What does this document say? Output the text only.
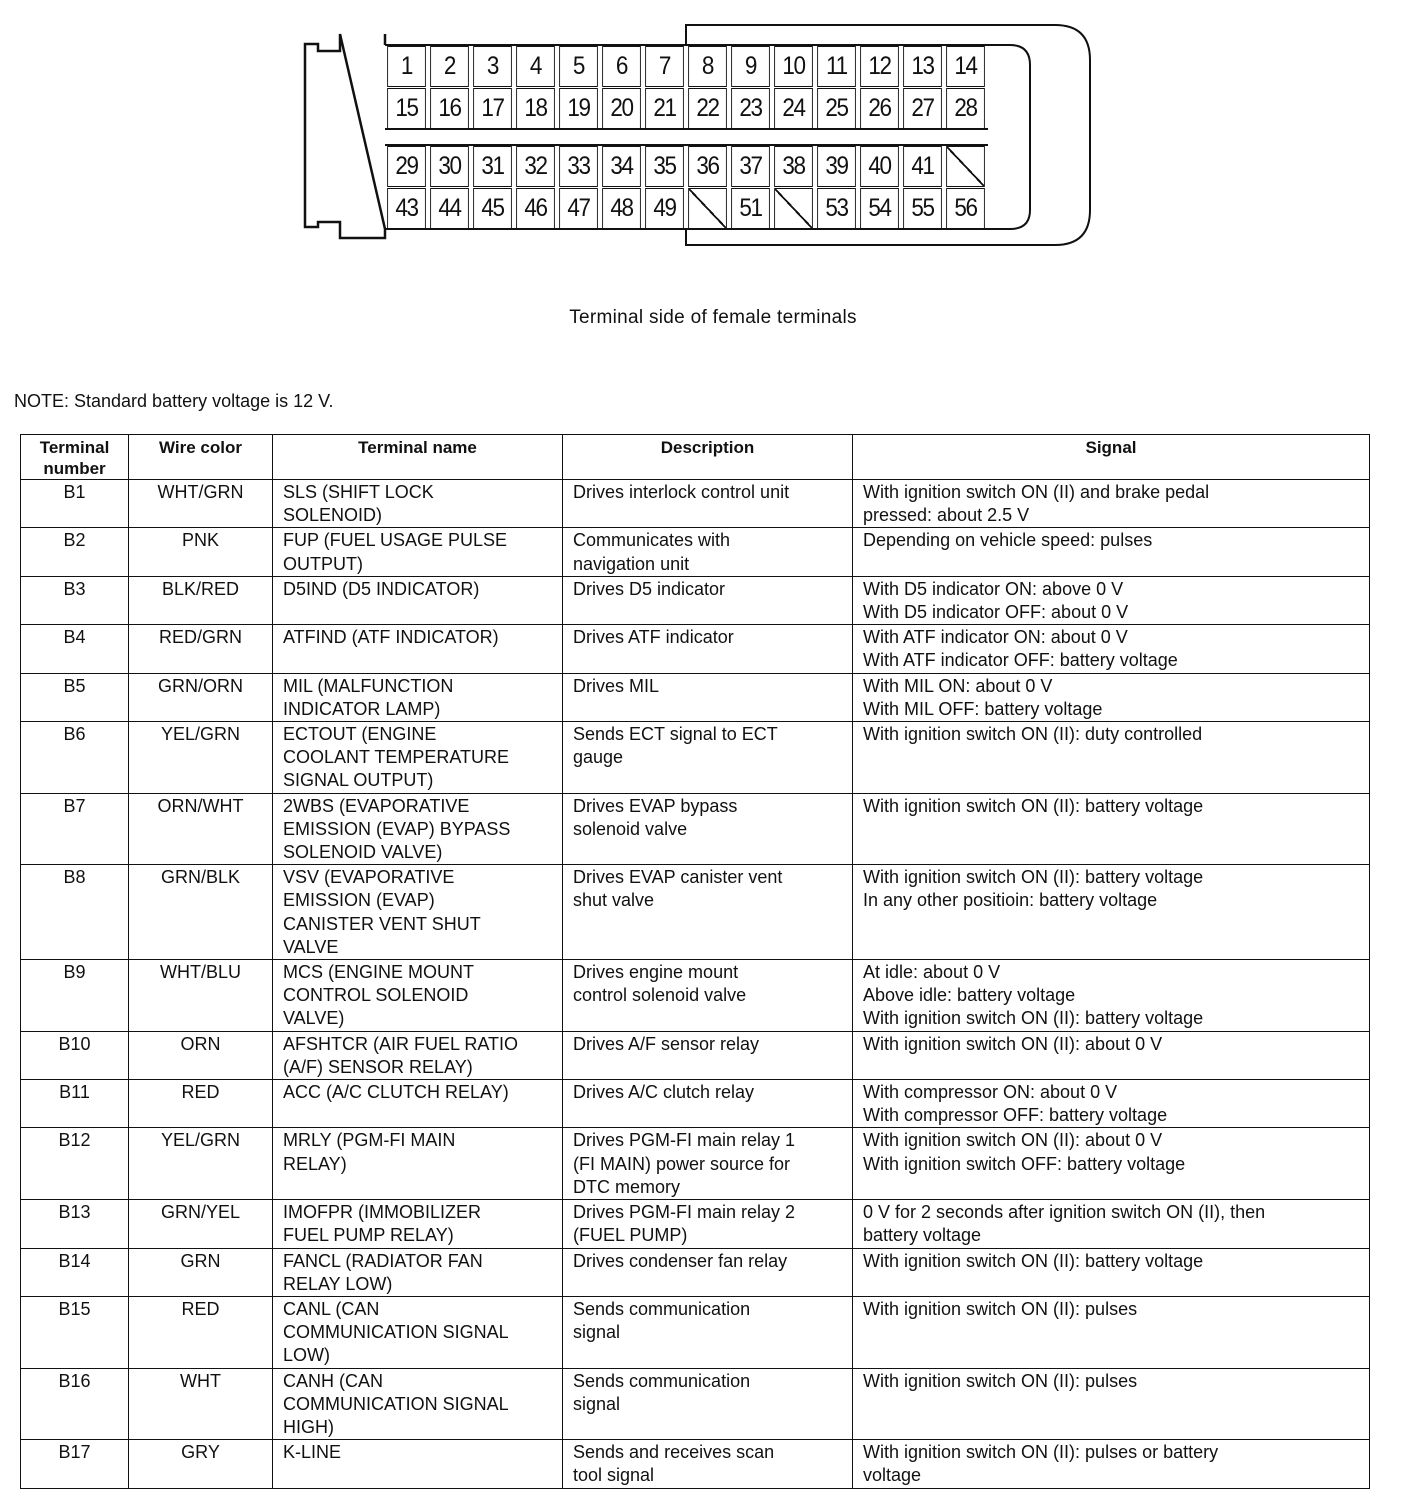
1	2	3	4	5	6	7	8	9	10 11 12 13 14
15 16 17 18 19 20 21 22 23 24 25 26 27 28
29 30 31 32 33 34 35 36 37 38 39 40 41
43 44 45 46 47 48 49	51	53 54 55 56
Terminal side of female terminals
NOTE: Standard battery voltage is 12 V.
Terminal
number	Wire color	Terminal name	Description	Signal
B1	WHT/GRN	SLS (SHIFT LOCK
SOLENOID)	Drives interlock control unit	With ignition switch ON (II) and brake pedal
pressed: about 2.5 V
B2	PNK	FUP (FUEL USAGE PULSE
OUTPUT)	Communicates with
navigation unit	Depending on vehicle speed: pulses
B3	BLK/RED	D5IND (D5 INDICATOR)	Drives D5 indicator	With D5 indicator ON: above 0 V
With D5 indicator OFF: about 0 V
B4	RED/GRN	ATFIND (ATF INDICATOR)	Drives ATF indicator	With ATF indicator ON: about 0 V
With ATF indicator OFF: battery voltage
B5	GRN/ORN	MIL (MALFUNCTION
INDICATOR LAMP)	Drives MIL	With MIL ON: about 0 V
With MIL OFF: battery voltage
B6	YEL/GRN	ECTOUT (ENGINE
COOLANT TEMPERATURE
SIGNAL OUTPUT)	Sends ECT signal to ECT
gauge	With ignition switch ON (II): duty controlled
B7	ORN/WHT	2WBS (EVAPORATIVE
EMISSION (EVAP) BYPASS
SOLENOID VALVE)	Drives EVAP bypass
solenoid valve	With ignition switch ON (II): battery voltage
B8	GRN/BLK	VSV (EVAPORATIVE
EMISSION (EVAP)
CANISTER VENT SHUT
VALVE	Drives EVAP canister vent
shut valve	With ignition switch ON (II): battery voltage
In any other positioin: battery voltage
B9	WHT/BLU	MCS (ENGINE MOUNT
CONTROL SOLENOID
VALVE)	Drives engine mount
control solenoid valve	At idle: about 0 V
Above idle: battery voltage
With ignition switch ON (II): battery voltage
B10	ORN	AFSHTCR (AIR FUEL RATIO
(A/F) SENSOR RELAY)	Drives A/F sensor relay	With ignition switch ON (II): about 0 V
B11	RED	ACC (A/C CLUTCH RELAY)	Drives A/C clutch relay	With compressor ON: about 0 V
With compressor OFF: battery voltage
B12	YEL/GRN	MRLY (PGM-FI MAIN
RELAY)	Drives PGM-FI main relay 1
(FI MAIN) power source for
DTC memory	With ignition switch ON (II): about 0 V
With ignition switch OFF: battery voltage
B13	GRN/YEL	IMOFPR (IMMOBILIZER
FUEL PUMP RELAY)	Drives PGM-FI main relay 2
(FUEL PUMP)	0 V for 2 seconds after ignition switch ON (II), then
battery voltage
B14	GRN	FANCL (RADIATOR FAN
RELAY LOW)	Drives condenser fan relay	With ignition switch ON (II): battery voltage
B15	RED	CANL (CAN
COMMUNICATION SIGNAL
LOW)	Sends communication
signal	With ignition switch ON (II): pulses
B16	WHT	CANH (CAN
COMMUNICATION SIGNAL
HIGH)	Sends communication
signal	With ignition switch ON (II): pulses
B17	GRY	K-LINE	Sends and receives scan
tool signal	With ignition switch ON (II): pulses or battery
voltage
